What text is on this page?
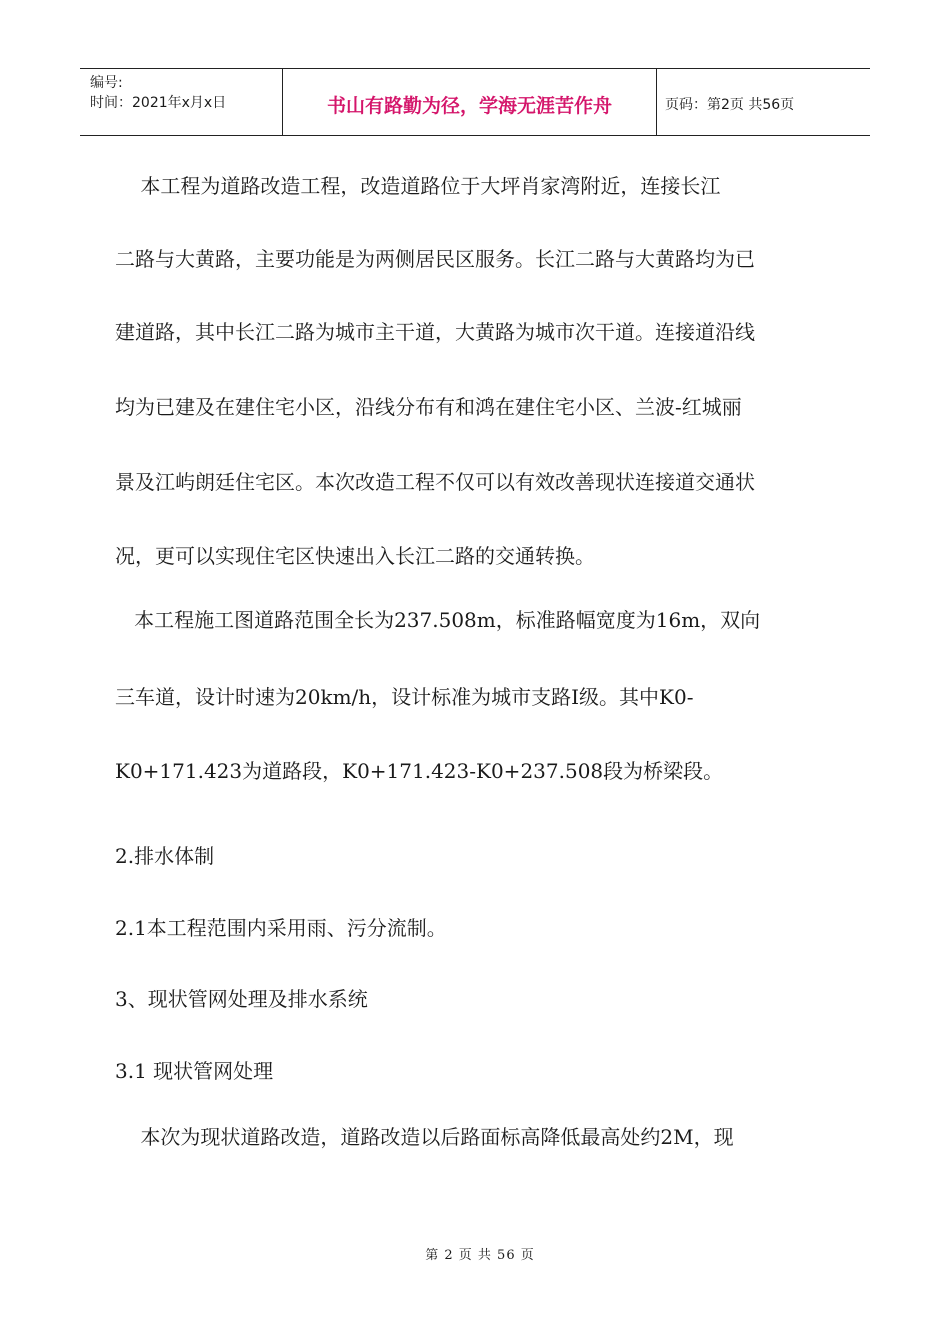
编号:
时间：2021年x月x日	书山有路勤为径，学海无涯苦作舟	页码：第2页 共56页
本工程为道路改造工程，改造道路位于大坪肖家湾附近，连接长江
二路与大黄路，主要功能是为两侧居民区服务。长江二路与大黄路均为已
建道路，其中长江二路为城市主干道，大黄路为城市次干道。连接道沿线
均为已建及在建住宅小区，沿线分布有和鸿在建住宅小区、兰波-红城丽
景及江屿朗廷住宅区。本次改造工程不仅可以有效改善现状连接道交通状
况，更可以实现住宅区快速出入长江二路的交通转换。
本工程施工图道路范围全长为237.508m，标准路幅宽度为16m，双向
三车道，设计时速为20km/h，设计标准为城市支路Ⅰ级。其中K0-
K0+171.423为道路段，K0+171.423-K0+237.508段为桥梁段。
2.排水体制
2.1本工程范围内采用雨、污分流制。
3、现状管网处理及排水系统
3.1 现状管网处理
本次为现状道路改造，道路改造以后路面标高降低最高处约2M，现
第 2 页 共 56 页
